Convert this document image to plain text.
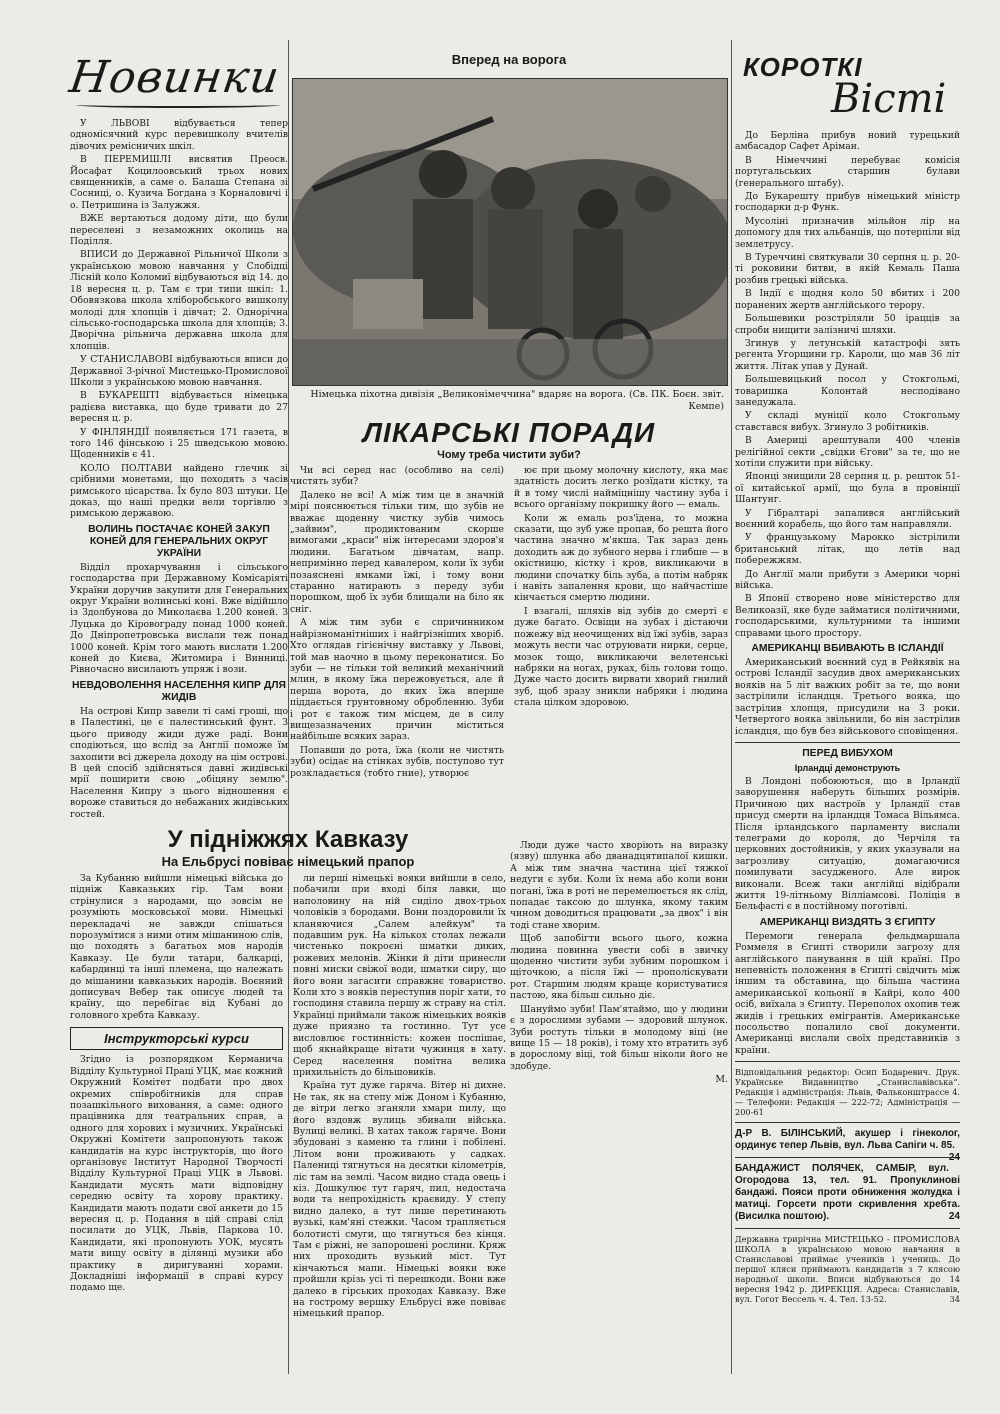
Новинки

У ЛЬВОВІ відбувається тепер одномісячний курс перевишколу вчителів дівочих ремісничих шкіл.

В ПЕРЕМИШЛІ висвятив Преосв. Йосафат Коцилоовський трьох нових священників, а саме о. Балаша Степана зі Сосниці, о. Кузича Богдана з Корналовичі і о. Петришина із Залужжя.

ВЖЕ вертаються додому діти, що були переселені з незаможних околиць на Поділля.

ВПИСИ до Державної Рільничої Школи з українською мовою навчання у Слобідці Лісній коло Коломиї відбуваються від 14. до 18 вересня ц. р. Там є три типи шкіл: 1. Обовязкова школа хліборобського вишколу молоді для хлопців і дівчат; 2. Однорічна сільсько-господарська школа для хлопців; 3. Дворічна рільнича державна школа для хлопців.

У СТАНИСЛАВОВІ відбуваються вписи до Державної 3-річної Мистецько-Промислової Школи з українською мовою навчання.

В БУКАРЕШТІ відбувається німецька радієва виставка, що буде тривати до 27 вересня ц. р.

У ФІНЛЯНДІЇ появляється 171 газета, в того 146 фінською і 25 шведською мовою. Щоденників є 41.

КОЛО ПОЛТАВИ найдено глечик зі срібними монетами, що походять з часів римського цісарства. Їх було 803 штуки. Це доказ, що наші предки вели торгівлю з римською державою.

ВОЛИНЬ ПОСТАЧАЄ КОНЕЙ ЗАКУП КОНЕЙ ДЛЯ ГЕНЕРАЛЬНИХ ОКРУГ УКРАЇНИ

Відділ прохарчування і сільського господарства при Державному Комісаріяті України доручив закупити для Генеральних округ України волинські коні. Вже відійшло із Здолбунова до Миколаєва 1.200 коней. З Луцька до Кіровограду понад 1000 коней. До Дніпропетровська вислали теж понад 1000 коней. Крім того мають вислати 1.200 коней до Києва, Житомира і Винниці. Рівночасно висилають упряж і вози.

НЕВДОВОЛЕННЯ НАСЕЛЕННЯ КИПР ДЛЯ ЖИДІВ

На острові Кипр завели ті самі гроші, що в Палестині, це є палестинський фунт. З цього приводу жиди дуже раді. Вони сподіються, що вслід за Англії поможе їм захопити всі джерела доходу на цім острові. В цей спосіб здійсняться давні жидівські мрії поширити свою „обіцяну землю". Населення Кипру з цього відношення є вороже ставиться до небажаних жидівських гостей.

Вперед на ворога
Німецька піхотна дивізія „Великонімеччина" вдаряє на ворога. (Св. ПК. Боєн. звіт. Кемпе)
ЛІКАРСЬКІ ПОРАДИ
Чому треба чистити зуби?

Чи всі серед нас (особливо на селі) чистять зуби?

Далеко не всі! А між тим це в значній мірі пояснюється тільки тим, що зубів не вважає щоденну чистку зубів чимось „зайвим", продиктованим скорше вимогами „краси" ніж інтересами здоров'я людини. Багатьом дівчатам, напр. непримінно перед кавалером, коли їх зуби позаяснені ямками їжі, і тому вони старанно натирають з переду зуби порошком, щоб їх зуби блищали на біло як сніг.

А між тим зуби є спричинником найрізноманітніших і найгрізніших хворіб. Хто оглядав гігієнічну виставку у Львові, той мав наочно в цьому переконатися. Бо зуби — не тільки той великий механічний млин, в якому їжа пережовується, але й перша ворота, до яких їжа вперше піддається грунтовному обробленню. Зуби і рот є також тим місцем, де в силу вищезазначених причин міститься найбільше всяких зараз.

Попавши до рота, їжа (коли не чистять зуби) осідає на стінках зубів, поступово тут розкладається (тобто гние), утворює

ює при цьому молочну кислоту, яка має здатність досить легко розїдати кістку, та й в тому числі найміцнішу частину зуба і всього організму покришку його — емаль.

Коли ж емаль роз'їдена, то можна сказати, що зуб уже пропав, бо решта його частина значно м'якша. Так зараз день доходить аж до зубного нерва і глибше — в окістницю, кістку і кров, викликаючи в людини спочатку біль зуба, а потім набряк і навіть запалення крови, що найчастіше кінчається смертю людини.

І взагалі, шляхів від зубів до смерті є дуже багато. Освіщи на зубах і дістаючи пожежу від неочищених від їжі зубів, зараз можуть вести час отруювати нирки, серце, мозок тощо, викликаючи велетенські набряки на ногах, руках, біль голови тощо. Дуже часто досить вирвати хворий гнилий зуб, щоб зразу зникли набряки і людина стала цілком здоровою.

У підніжжях Кавказу
На Ельбрусі повіває німецький прапор

За Кубанню вийшли німецькі війська до підніж Кавказьких гір. Там вони стрінулися з народами, що зовсім не розуміють московської мови. Німецькі перекладачі не завжди спішаться порозумітися з ними отим мішаниною слів, що походять з багатьох мов народів Кавказу. Це були татари, балкарці, кабардинці та інші племена, що належать до мішанини кавказьких народів. Воєнний дописувач Вебер так описує людей та країну, що перебігає від Кубані до головного хребта Кавказу.

Інструкторські курси

Згідно із розпорядком Керманича Відділу Культурної Праці УЦК, має кожний Окружний Комітет подбати про двох окремих співробітників для справ позашкільного виховання, а саме: одного працівника для театральних справ, а одного для хорових і музичних. Українські Окружні Комітети запропонують також кандидатів на курс інструкторів, що його організовує Інститут Народної Творчості Відділу Культурної Праці УЦК в Львові. Кандидати мусять мати відповідну середню освіту та хорову практику. Кандидати мають подати свої анкети до 15 вересня ц. р. Подання в цій справі слід посилати до УЦК, Львів, Паркова 10. Кандидати, які пропонують УОК, мусять мати вищу освіту в ділянці музики або практику в диригуванні хорами. Докладніші інформації в справі курсу подамо ще.

ли перші німецькі вояки вийшли в село, побачили при вході біля лавки, що наполовину на ній сиділо двох-трьох чоловіків з бородами. Вони поздоровили їх кланяючися „Салем алейкум" та подавшим рук. На кількох столах лежали чистенько покроєні шматки диких, рожевих мелонів. Жінки й діти принесли повні миски свіжої води, шматки сиру, що його вони загасити справжнє товариство. Коли хто з вояків переступив поріг хати, то господиня ставила першу ж страву на стіл. Українці приймали також німецьких вояків дуже приязно та гостинно. Тут усе висловлює гостинність: кожен поспішає, щоб якнайкраще вітати чужинця в хату. Серед населення помітна велика прихильність до більшовиків.

Країна тут дуже гаряча. Вітер ні дихне. Не так, як на степу між Доном і Кубанню, де вітри легко зганяли хмари пилу, що його вздовж вулиць збивали війська. Вулиці великі. В хатах також гаряче. Вони збудовані з каменю та глини і побілені. Літом вони проживають у садках. Палениці тягнуться на десятки кілометрів, ліс там на землі. Часом видно стада овець і кіз. Дошкулює тут гаряч, пил, недостача води та непрохідність краєвиду. У степу видно далеко, а тут лише перетинають вузькі, кам'яні стежки. Часом трапляється болотисті смуги, що тягнуться без кінця. Там є ріжні, не запорошені рослини. Кряж них проходить вузький міст. Тут кінчаються мапи. Німецькі вояки вже пройшли крізь усі ті перешкоди. Вони вже далеко в гірських проходах Кавказу. Вже на гострому вершку Ельбрусі вже повіває німецький прапор.

Люди дуже часто хворіють на виразку (язву) шлунка або дванадцятипалої кишки. А між тим значна частина цієї тяжкої недуги є зуби. Коли їх нема або коли вони погані, їжа в роті не перемелюється як слід, попадає таксою до шлунка, якому таким чином доводиться працювати „за двох" і він тоді стане хворим.

Щоб запобігти всього цього, кожна людина повинна увести собі в звичку щоденно чистити зуби зубним порошком і щіточкою, а після їжі — прополіскувати рот. Старшим людям краще користуватися пастою, яка більш сильно діє.

Шануймо зуби! Пам'ятаймо, що у людини є з дорослими зубами — здоровий шлунок. Зуби ростуть тільки в молодому віці (не вище 15 — 18 років), і тому хто втратить зуб в дорослому віці, той більш ніколи його не здобуде.

М.

КОРОТКІ
Вісті

До Берліна прибув новий турецький амбасадор Сафет Аріман.

В Німеччині перебуває комісія португальських старшин булави (генерального штабу).

До Букарешту прибув німецький міністр господарки д-р Функ.

Мусоліні призначив мільйон лір на допомогу для тих альбанців, що потерпіли від землетрусу.

В Туреччині святкували 30 серпня ц. р. 20-ті роковини битви, в якій Кемаль Паша розбив грецькі війська.

В Індії є щодня коло 50 вбитих і 200 поранених жертв англійського терору.

Большевики розстріляли 50 ірацців за спроби нищити залізничі шляхи.

Згинув у летунській катастрофі зять регента Угорщини гр. Кароли, що мав 36 літ життя. Літак упав у Дунай.

Большевицький посол у Стокгольмі, товаришка Колонтай несподівано занедужала.

У складі муніції коло Стокгольму ставстався вибух. Згинуло 3 робітників.

В Америці арештували 400 членів релігійної секти „свідки Єгови" за те, що не хотіли служити при війську.

Японці знищили 28 серпня ц. р. решток 51-ої китайської армії, що була в провінції Шантунг.

У Гібралтарі запалився англійський воєнний корабель, що його там направляли.

У французькому Марокко зістрілили британський літак, що летів над побережжям.

До Англії мали прибути з Америки чорні війська.

В Японії створено нове міністерство для Великоазії, яке буде займатися політичними, господарськими, культурними та іншими справами цього простору.

АМЕРИКАНЦІ ВБИВАЮТЬ В ІСЛАНДІЇ

Американський воєнний суд в Рейкявік на острові Ісландії засудив двох американських вояків на 5 літ важких робіт за те, що вони застрілили ісландця. Третього вояка, що застрілив хлопця, присудили на 3 роки. Четвертого вояка звільнили, бо він застрілив ісландця, що був без військового сповіщення.

ПЕРЕД ВИБУХОМ
Ірландці демонструють

В Лондоні побоюються, що в Ірландії заворушення наберуть більших розмірів. Причиною цих настроїв у Ірландії став присуд смерти на ірландця Томаса Вільямса. Після ірландського парламенту вислали телеграми до короля, до Черчіля та церковних достойників, у яких указували на загрозливу ситуацію, домагаючися помилувати засудженого. Але вирок виконали. Всеж таки англійці відібрали життя 19-літньому Вілліамсові. Поліція в Бельфасті є в постійному поготівлі.

АМЕРИКАНЦІ ВИЗДЯТЬ З ЄГИПТУ

Перемоги генерала фельдмаршала Роммеля в Єгипті створили загрозу для англійського панування в цій країні. Про непевність положення в Єгипті свідчить між іншим та обставина, що більша частина американської кольонії в Кайрі, коло 400 осіб, виїхала з Єгипту. Переполох охопив теж жидів і грецьких емігрантів. Американське посольство попалило свої документи. Американці вислали своїх представників з країни.

Відповідальний редактор: Осип Бодаревич. Друк. Українське Видавництво „Станиславівська“. Редакція і адміністрація: Львів, Фальконштрассе 4. — Телефони: Редакція — 222-72; Адміністрація — 200-61

Д-Р В. БІЛІНСЬКИЙ, акушер і гінеколог, ординує тепер Львів, вул. Льва Сапіги ч. 85.
24

БАНДАЖИСТ ПОЛЯЧЕК, САМБІР, вул. Огородова 13, тел. 91. Пропуклинові бандажі. Пояси проти обниження жолудка і матиці. Горсети проти скривлення хребта. (Висилка поштою).	24

Державна трирічна МИСТЕЦЬКО - ПРОМИСЛОВА ШКОЛА в українською мовою навчання в Станиславові приймає учеників і учениць. До першої кляси приймають кандидатів з 7 клясою народньої школи. Вписи відбуваються до 14 вересня 1942 р. ДИРЕКЦІЯ. Адреса: Станиславів, вул. Гогот Вессель ч. 4. Тел. 13-52.	34
